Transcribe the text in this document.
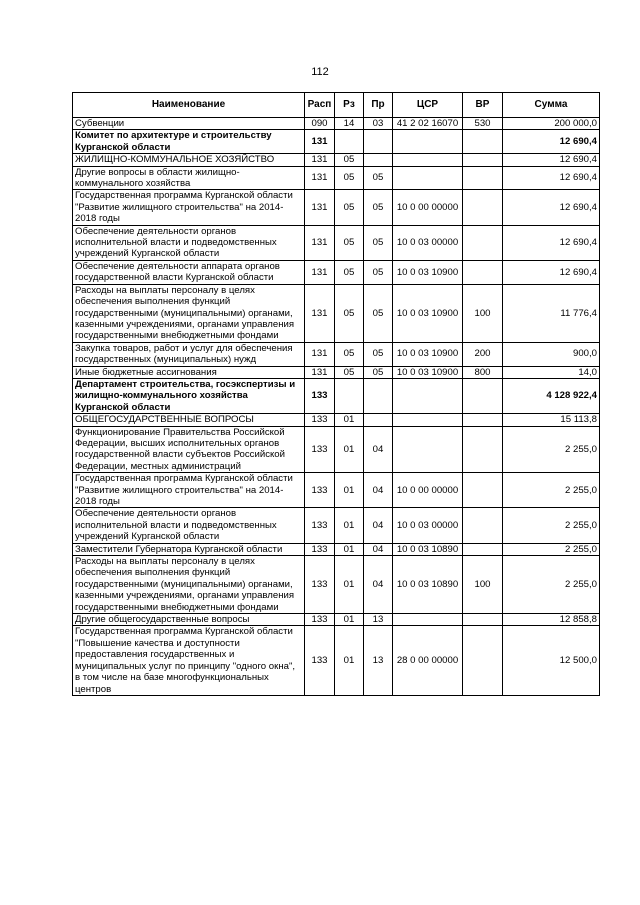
112
Наименование	Расп	Рз	Пр	ЦСР	ВР	Сумма
Субвенции	090	14	03	41 2 02 16070	530	200 000,0
Комитет по архитектуре и строительству Курганской области	131					12 690,4
ЖИЛИЩНО-КОММУНАЛЬНОЕ ХОЗЯЙСТВО	131	05				12 690,4
Другие вопросы в области жилищно-коммунального хозяйства	131	05	05			12 690,4
Государственная программа Курганской области "Развитие жилищного строительства" на 2014-2018 годы	131	05	05	10 0 00 00000		12 690,4
Обеспечение деятельности органов исполнительной власти и подведомственных учреждений Курганской области	131	05	05	10 0 03 00000		12 690,4
Обеспечение деятельности аппарата органов государственной власти Курганской области	131	05	05	10 0 03 10900		12 690,4
Расходы на выплаты персоналу в целях обеспечения выполнения функций государственными (муниципальными) органами, казенными учреждениями, органами управления государственными внебюджетными фондами	131	05	05	10 0 03 10900	100	11 776,4
Закупка товаров, работ и услуг для обеспечения государственных (муниципальных) нужд	131	05	05	10 0 03 10900	200	900,0
Иные бюджетные ассигнования	131	05	05	10 0 03 10900	800	14,0
Департамент строительства, госэкспертизы и жилищно-коммунального хозяйства Курганской области	133					4 128 922,4
ОБЩЕГОСУДАРСТВЕННЫЕ ВОПРОСЫ	133	01				15 113,8
Функционирование Правительства Российской Федерации, высших исполнительных органов государственной власти субъектов Российской Федерации, местных администраций	133	01	04			2 255,0
Государственная программа Курганской области "Развитие жилищного строительства" на 2014-2018 годы	133	01	04	10 0 00 00000		2 255,0
Обеспечение деятельности органов исполнительной власти и подведомственных учреждений Курганской области	133	01	04	10 0 03 00000		2 255,0
Заместители Губернатора Курганской области	133	01	04	10 0 03 10890		2 255,0
Расходы на выплаты персоналу в целях обеспечения выполнения функций государственными (муниципальными) органами, казенными учреждениями, органами управления государственными внебюджетными фондами	133	01	04	10 0 03 10890	100	2 255,0
Другие общегосударственные вопросы	133	01	13			12 858,8
Государственная программа Курганской области "Повышение качества и доступности предоставления государственных и муниципальных услуг по принципу "одного окна", в том числе на базе многофункциональных центров	133	01	13	28 0 00 00000		12 500,0
